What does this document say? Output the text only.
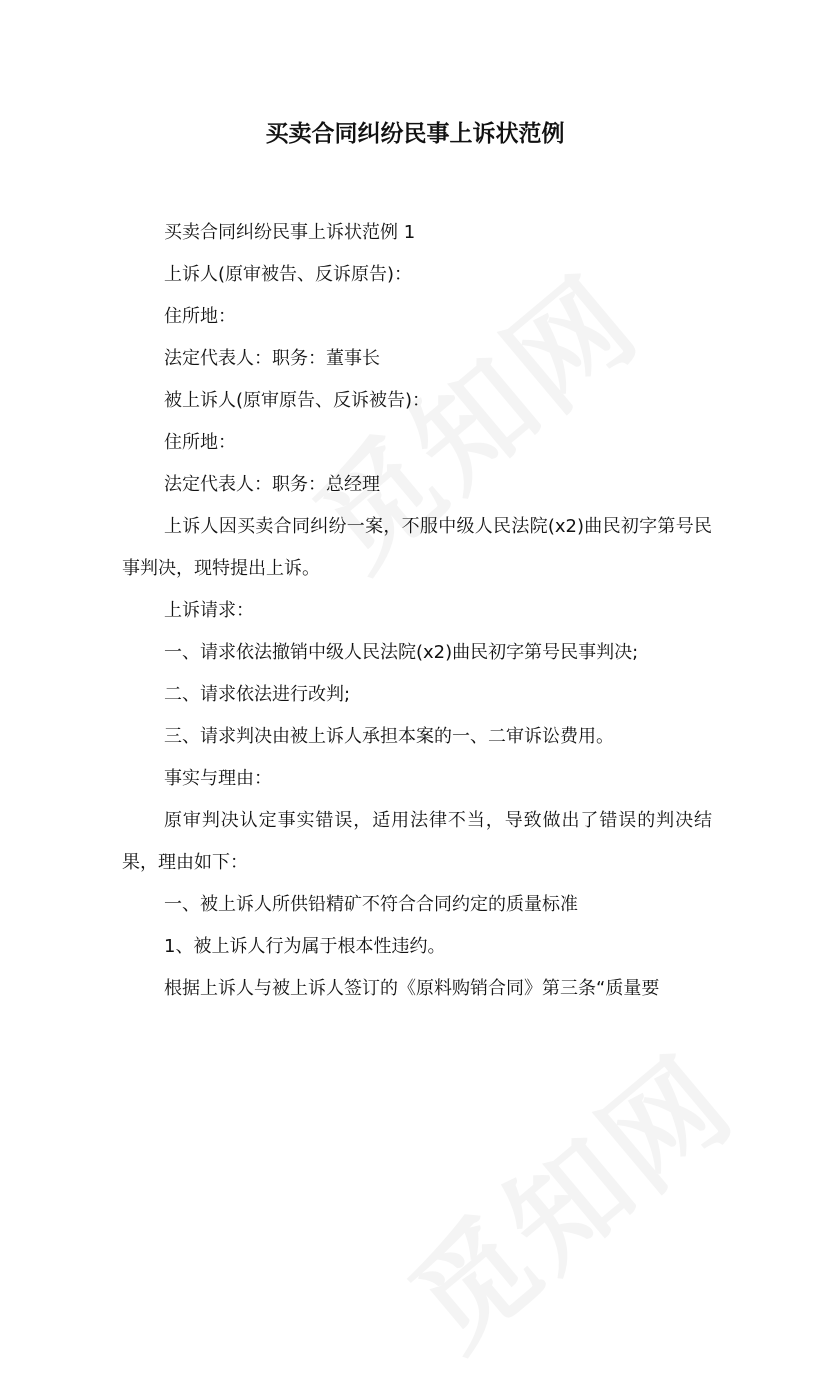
买卖合同纠纷民事上诉状范例

买卖合同纠纷民事上诉状范例 1

上诉人(原审被告、反诉原告)：

住所地：

法定代表人：职务：董事长

被上诉人(原审原告、反诉被告)：

住所地：

法定代表人：职务：总经理

上诉人因买卖合同纠纷一案，不服中级人民法院(x2)曲民初字第号民事判决，现特提出上诉。

上诉请求：

一、请求依法撤销中级人民法院(x2)曲民初字第号民事判决;

二、请求依法进行改判;

三、请求判决由被上诉人承担本案的一、二审诉讼费用。

事实与理由：

原审判决认定事实错误，适用法律不当，导致做出了错误的判决结果，理由如下：

一、被上诉人所供铅精矿不符合合同约定的质量标准

1、被上诉人行为属于根本性违约。

根据上诉人与被上诉人签订的《原料购销合同》第三条“质量要
